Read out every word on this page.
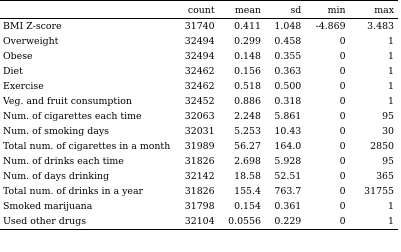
	count	mean	sd	min	max
BMI Z-score	31740	0.411	1.048	-4.869	3.483
Overweight	32494	0.299	0.458	0	1
Obese	32494	0.148	0.355	0	1
Diet	32462	0.156	0.363	0	1
Exercise	32462	0.518	0.500	0	1
Veg. and fruit consumption	32452	0.886	0.318	0	1
Num. of cigarettes each time	32063	2.248	5.861	0	95
Num. of smoking days	32031	5.253	10.43	0	30
Total num. of cigarettes in a month	31989	56.27	164.0	0	2850
Num. of drinks each time	31826	2.698	5.928	0	95
Num. of days drinking	32142	18.58	52.51	0	365
Total num. of drinks in a year	31826	155.4	763.7	0	31755
Smoked marijuana	31798	0.154	0.361	0	1
Used other drugs	32104	0.0556	0.229	0	1
